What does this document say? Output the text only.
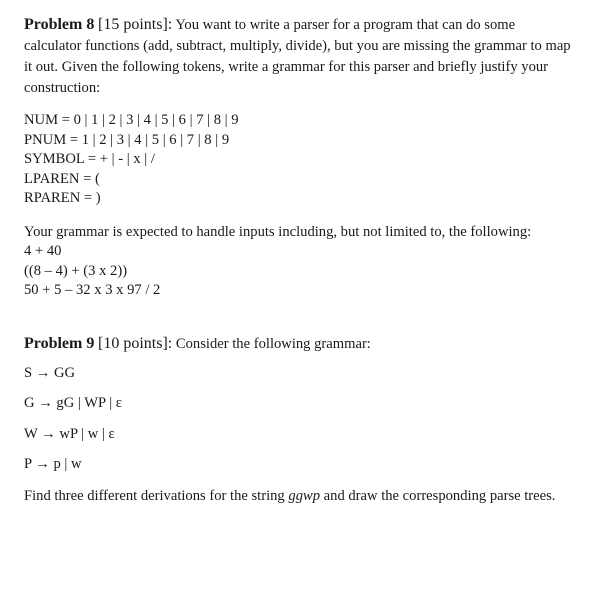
Problem 8 [15 points]: You want to write a parser for a program that can do some calculator functions (add, subtract, multiply, divide), but you are missing the grammar to map it out. Given the following tokens, write a grammar for this parser and briefly justify your construction:

NUM = 0 | 1 | 2 | 3 | 4 | 5 | 6 | 7 | 8 | 9
PNUM = 1 | 2 | 3 | 4 | 5 | 6 | 7 | 8 | 9
SYMBOL = + | - | x | /
LPAREN = (
RPAREN = )

Your grammar is expected to handle inputs including, but not limited to, the following:

4 + 40
((8 – 4) + (3 x 2))
50 + 5 – 32 x 3 x 97 / 2

Problem 9 [10 points]: Consider the following grammar:

S → GG
G → gG | WP | ε
W → wP | w | ε
P → p | w

Find three different derivations for the string ggwp and draw the corresponding parse trees.
